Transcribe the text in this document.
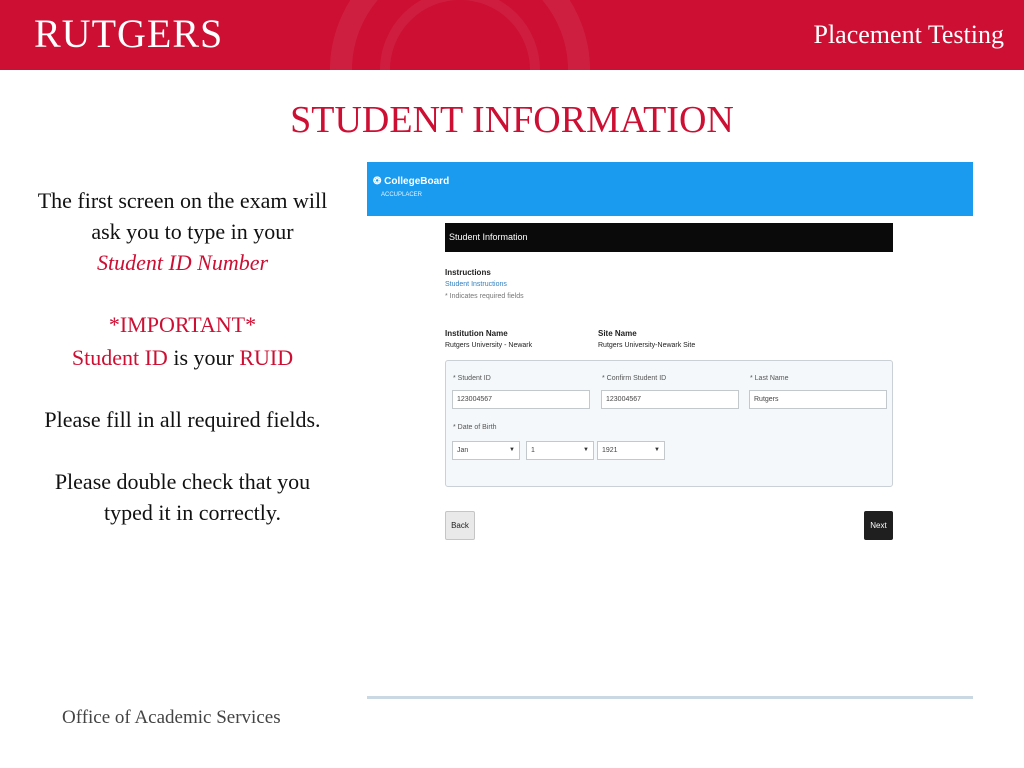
RUTGERS	Placement Testing
STUDENT INFORMATION

The first screen on the exam will

ask you to type in your

Student ID Number

*IMPORTANT*

Student ID is your RUID

Please fill in all required fields.

Please double check that you

typed it in correctly.

❂ CollegeBoard
ACCUPLACER
Student Information
Instructions
Student Instructions
* Indicates required fields
Institution Name
Rutgers University - Newark
Site Name
Rutgers University-Newark Site
* Student ID
123004567
* Confirm Student ID
123004567
* Last Name
Rutgers
* Date of Birth
Jan	▼	1	▼	1921	▼
Back	Next
Office of Academic Services
